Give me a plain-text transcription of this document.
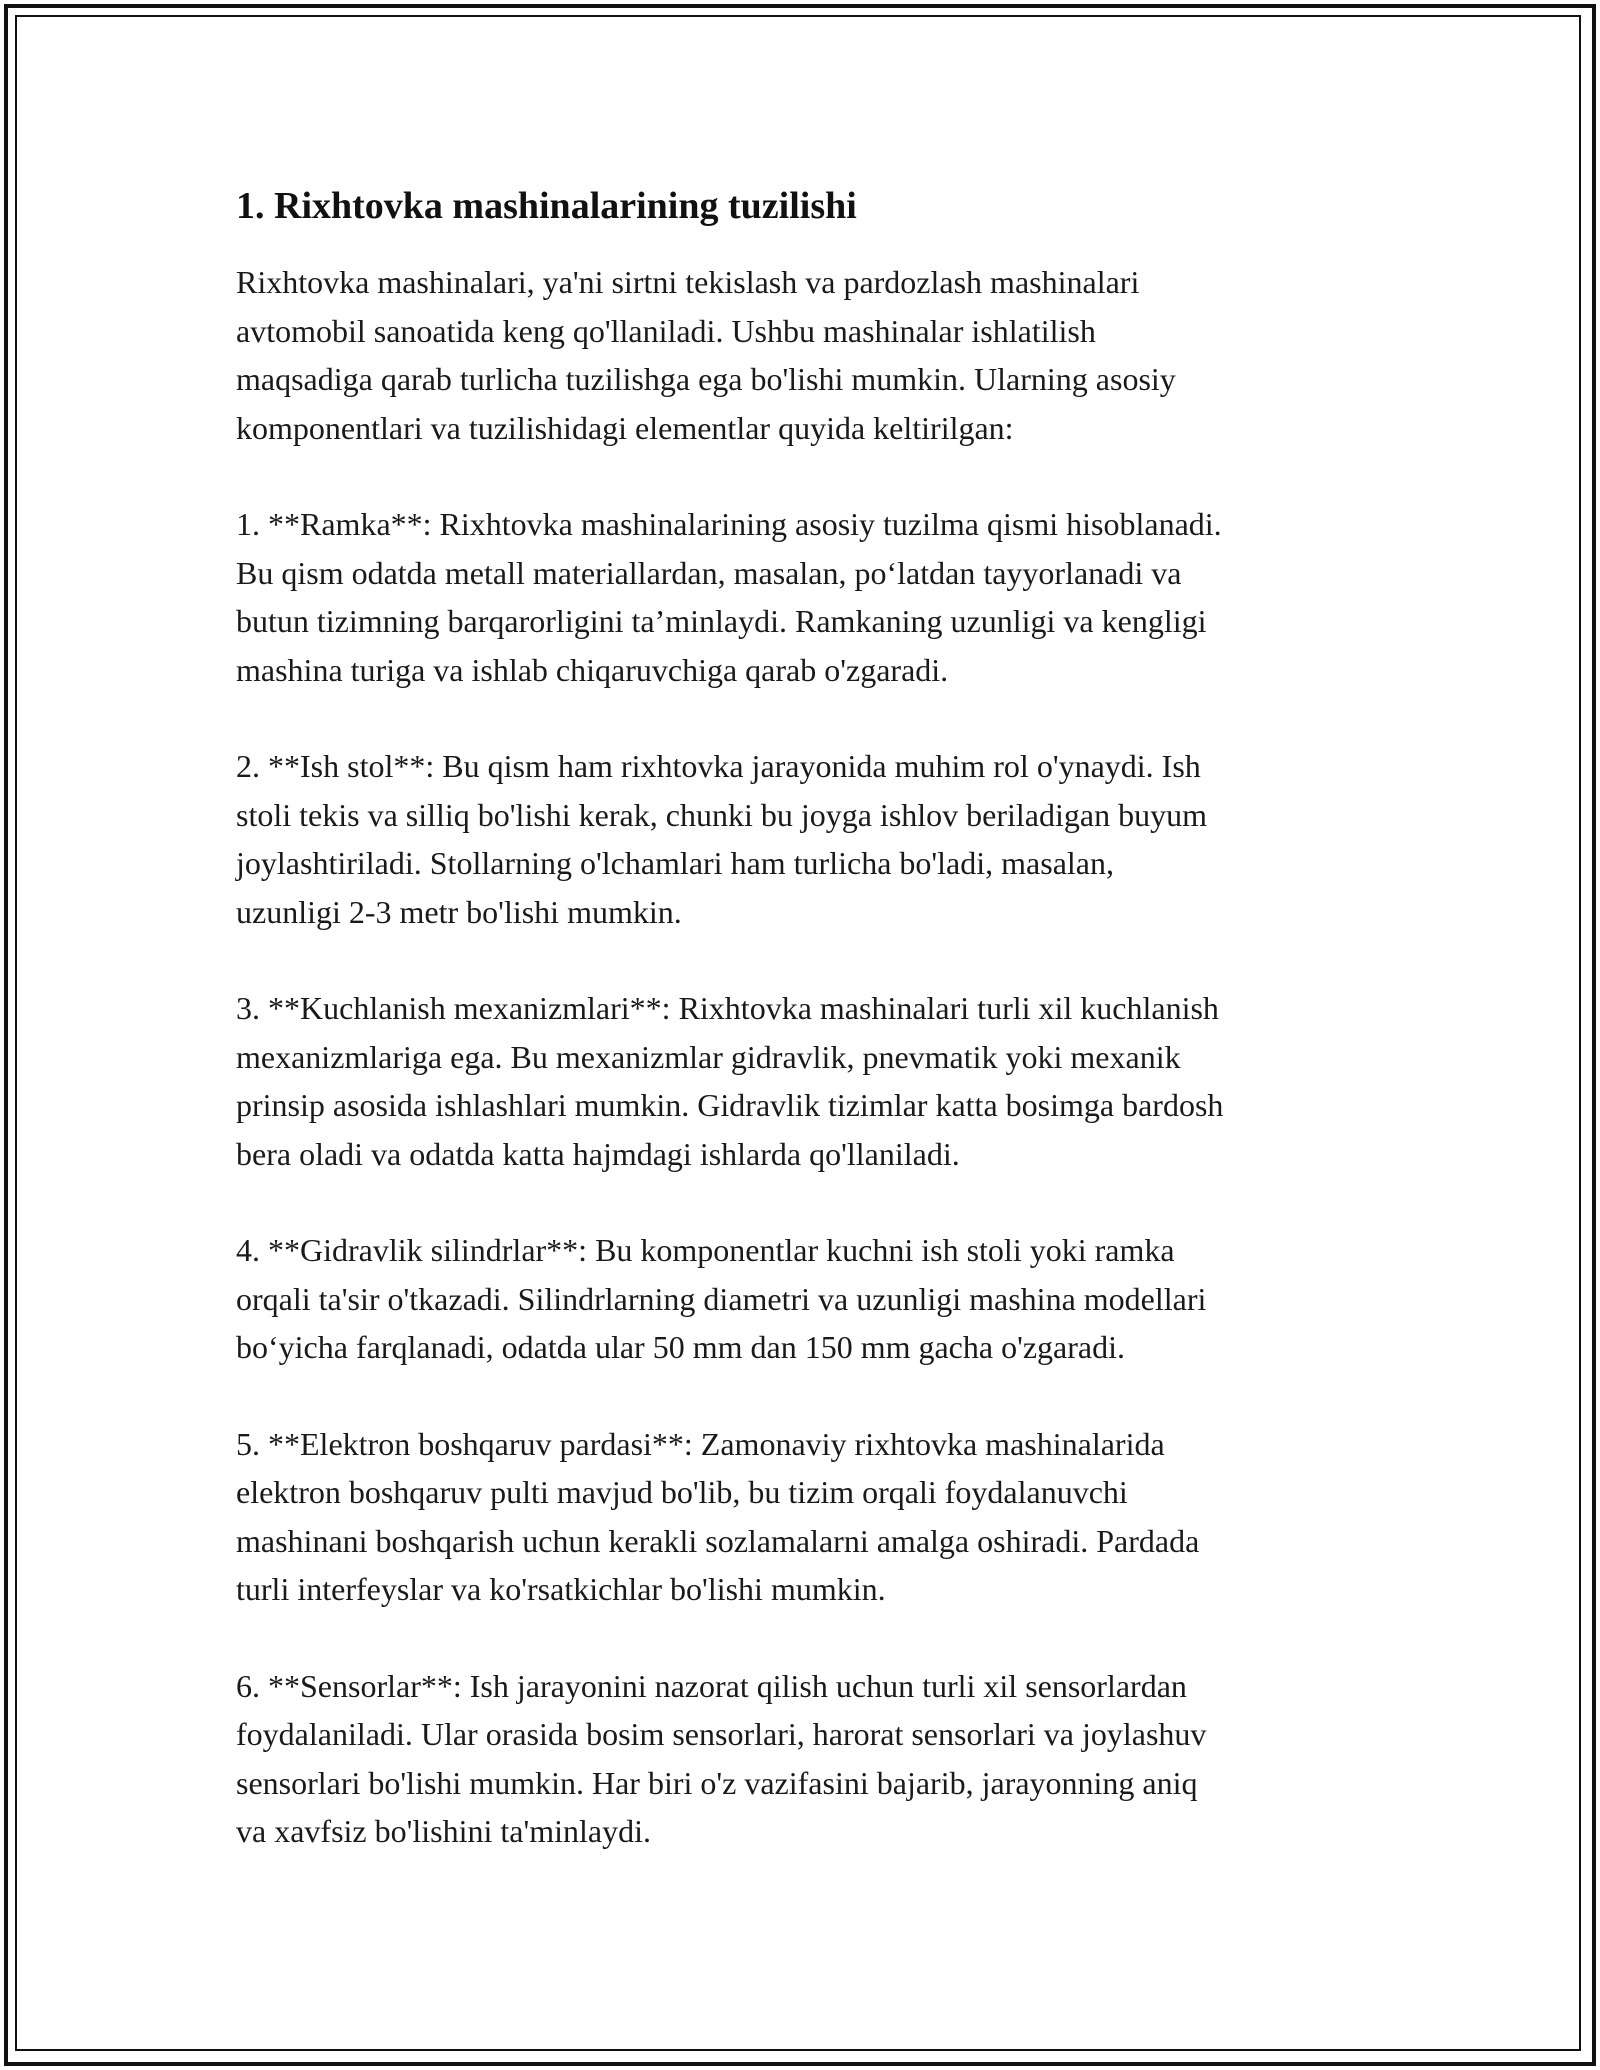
1. Rixhtovka mashinalarining tuzilishi

Rixhtovka mashinalari, ya'ni sirtni tekislash va pardozlash mashinalari
avtomobil sanoatida keng qo'llaniladi. Ushbu mashinalar ishlatilish
maqsadiga qarab turlicha tuzilishga ega bo'lishi mumkin. Ularning asosiy
komponentlari va tuzilishidagi elementlar quyida keltirilgan:

1. **Ramka**: Rixhtovka mashinalarining asosiy tuzilma qismi hisoblanadi.
Bu qism odatda metall materiallardan, masalan, po‘latdan tayyorlanadi va
butun tizimning barqarorligini ta’minlaydi. Ramkaning uzunligi va kengligi
mashina turiga va ishlab chiqaruvchiga qarab o'zgaradi.

2. **Ish stol**: Bu qism ham rixhtovka jarayonida muhim rol o'ynaydi. Ish
stoli tekis va silliq bo'lishi kerak, chunki bu joyga ishlov beriladigan buyum
joylashtiriladi. Stollarning o'lchamlari ham turlicha bo'ladi, masalan,
uzunligi 2-3 metr bo'lishi mumkin.

3. **Kuchlanish mexanizmlari**: Rixhtovka mashinalari turli xil kuchlanish
mexanizmlariga ega. Bu mexanizmlar gidravlik, pnevmatik yoki mexanik
prinsip asosida ishlashlari mumkin. Gidravlik tizimlar katta bosimga bardosh
bera oladi va odatda katta hajmdagi ishlarda qo'llaniladi.

4. **Gidravlik silindrlar**: Bu komponentlar kuchni ish stoli yoki ramka
orqali ta'sir o'tkazadi. Silindrlarning diametri va uzunligi mashina modellari
bo‘yicha farqlanadi, odatda ular 50 mm dan 150 mm gacha o'zgaradi.

5. **Elektron boshqaruv pardasi**: Zamonaviy rixhtovka mashinalarida
elektron boshqaruv pulti mavjud bo'lib, bu tizim orqali foydalanuvchi
mashinani boshqarish uchun kerakli sozlamalarni amalga oshiradi. Pardada
turli interfeyslar va ko'rsatkichlar bo'lishi mumkin.

6. **Sensorlar**: Ish jarayonini nazorat qilish uchun turli xil sensorlardan
foydalaniladi. Ular orasida bosim sensorlari, harorat sensorlari va joylashuv
sensorlari bo'lishi mumkin. Har biri o'z vazifasini bajarib, jarayonning aniq
va xavfsiz bo'lishini ta'minlaydi.
